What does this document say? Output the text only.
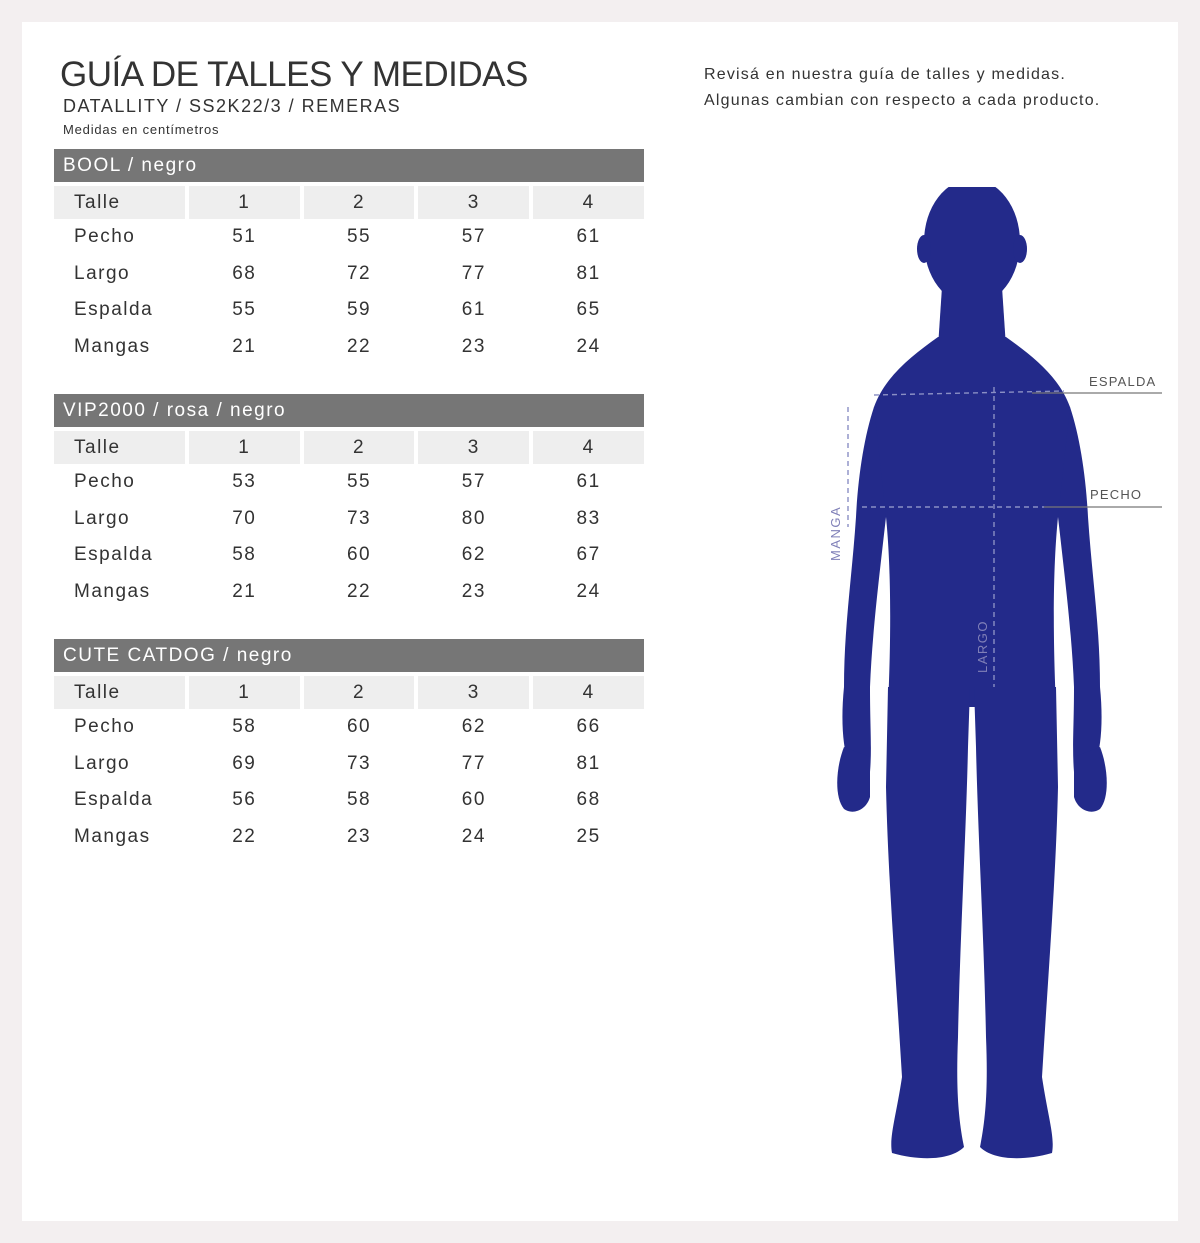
GUÍA DE TALLES Y MEDIDAS
DATALLITY / SS2K22/3 / REMERAS
Medidas en centímetros
Revisá en nuestra guía de talles y medidas.
Algunas cambian con respecto a cada producto.
BOOL / negro
Talle	1	2	3	4
Pecho	51	55	57	61
Largo	68	72	77	81
Espalda	55	59	61	65
Mangas	21	22	23	24
VIP2000 / rosa / negro
Talle	1	2	3	4
Pecho	53	55	57	61
Largo	70	73	80	83
Espalda	58	60	62	67
Mangas	21	22	23	24
CUTE CATDOG / negro
Talle	1	2	3	4
Pecho	58	60	62	66
Largo	69	73	77	81
Espalda	56	58	60	68
Mangas	22	23	24	25
ESPALDA
PECHO
MANGA
LARGO
